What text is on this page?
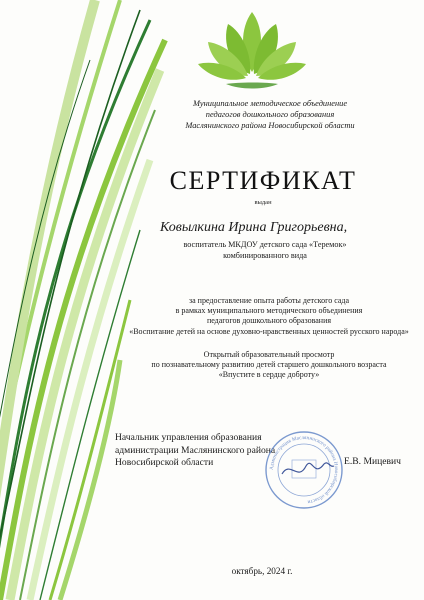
Муниципальное методическое объединение
педагогов дошкольного образования
Маслянинского района Новосибирской области
СЕРТИФИКАТ
выдан
Ковылкина Ирина Григорьевна,
воспитатель МКДОУ детского сада «Теремок»
комбинированного вида
за предоставление опыта работы детского сада
в рамках муниципального методического объединения
педагогов дошкольного образования
«Воспитание детей на основе духовно-нравственных ценностей русского народа»
Открытый образовательный просмотр
по познавательному развитию детей старшего дошкольного возраста
«Впустите в сердце доброту»
Начальник управления образования
администрации Маслянинского района
Новосибирской области
Администрация Маслянинского района Новосибирской области
Е.В. Мицевич
октябрь, 2024 г.
